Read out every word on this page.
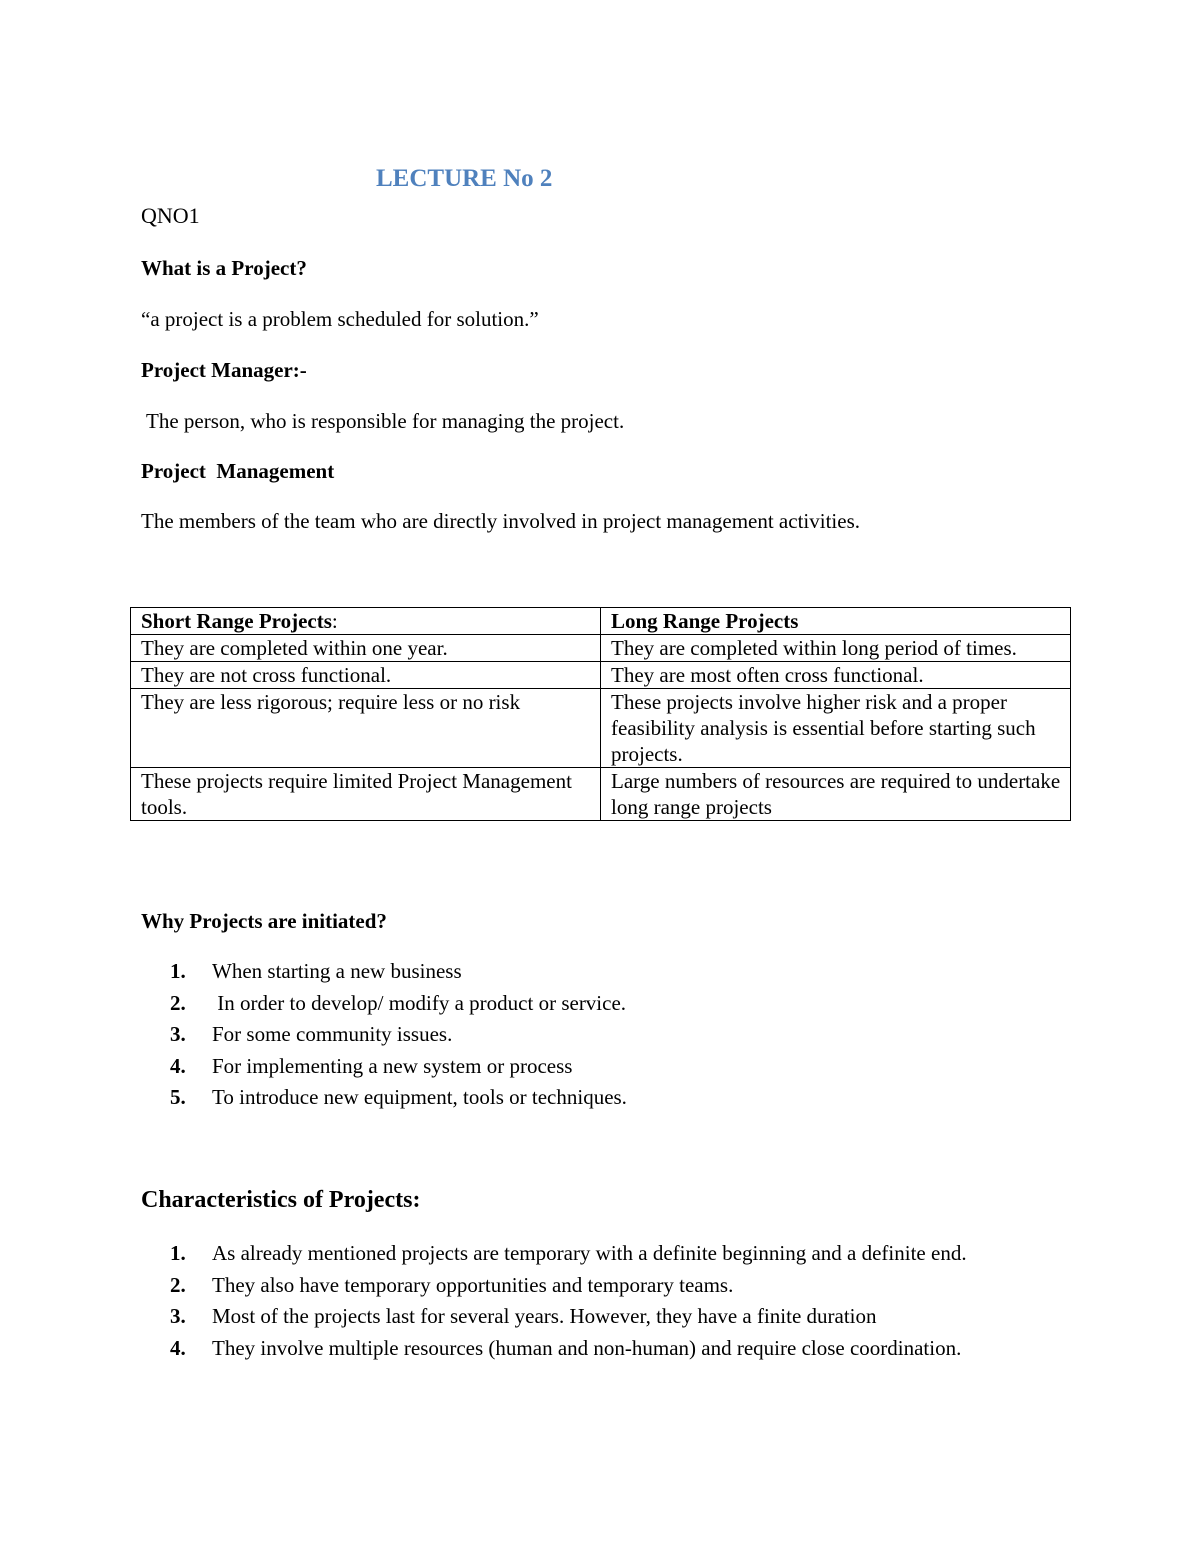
LECTURE No 2
QNO1
What is a Project?
“a project is a problem scheduled for solution.”
Project Manager:-
The person, who is responsible for managing the project.
Project  Management
The members of the team who are directly involved in project management activities.
Short Range Projects:	Long Range Projects
They are completed within one year.	They are completed within long period of times.
They are not cross functional.	They are most often cross functional.
They are less rigorous; require less or no risk	These projects involve higher risk and a proper feasibility analysis is essential before starting such projects.
These projects require limited Project Management tools.	Large numbers of resources are required to undertake long range projects
Why Projects are initiated?
1. When starting a new business
2. In order to develop/ modify a product or service.
3. For some community issues.
4. For implementing a new system or process
5. To introduce new equipment, tools or techniques.
Characteristics of Projects:
1. As already mentioned projects are temporary with a definite beginning and a definite end.
2. They also have temporary opportunities and temporary teams.
3. Most of the projects last for several years. However, they have a finite duration
4. They involve multiple resources (human and non-human) and require close coordination.
